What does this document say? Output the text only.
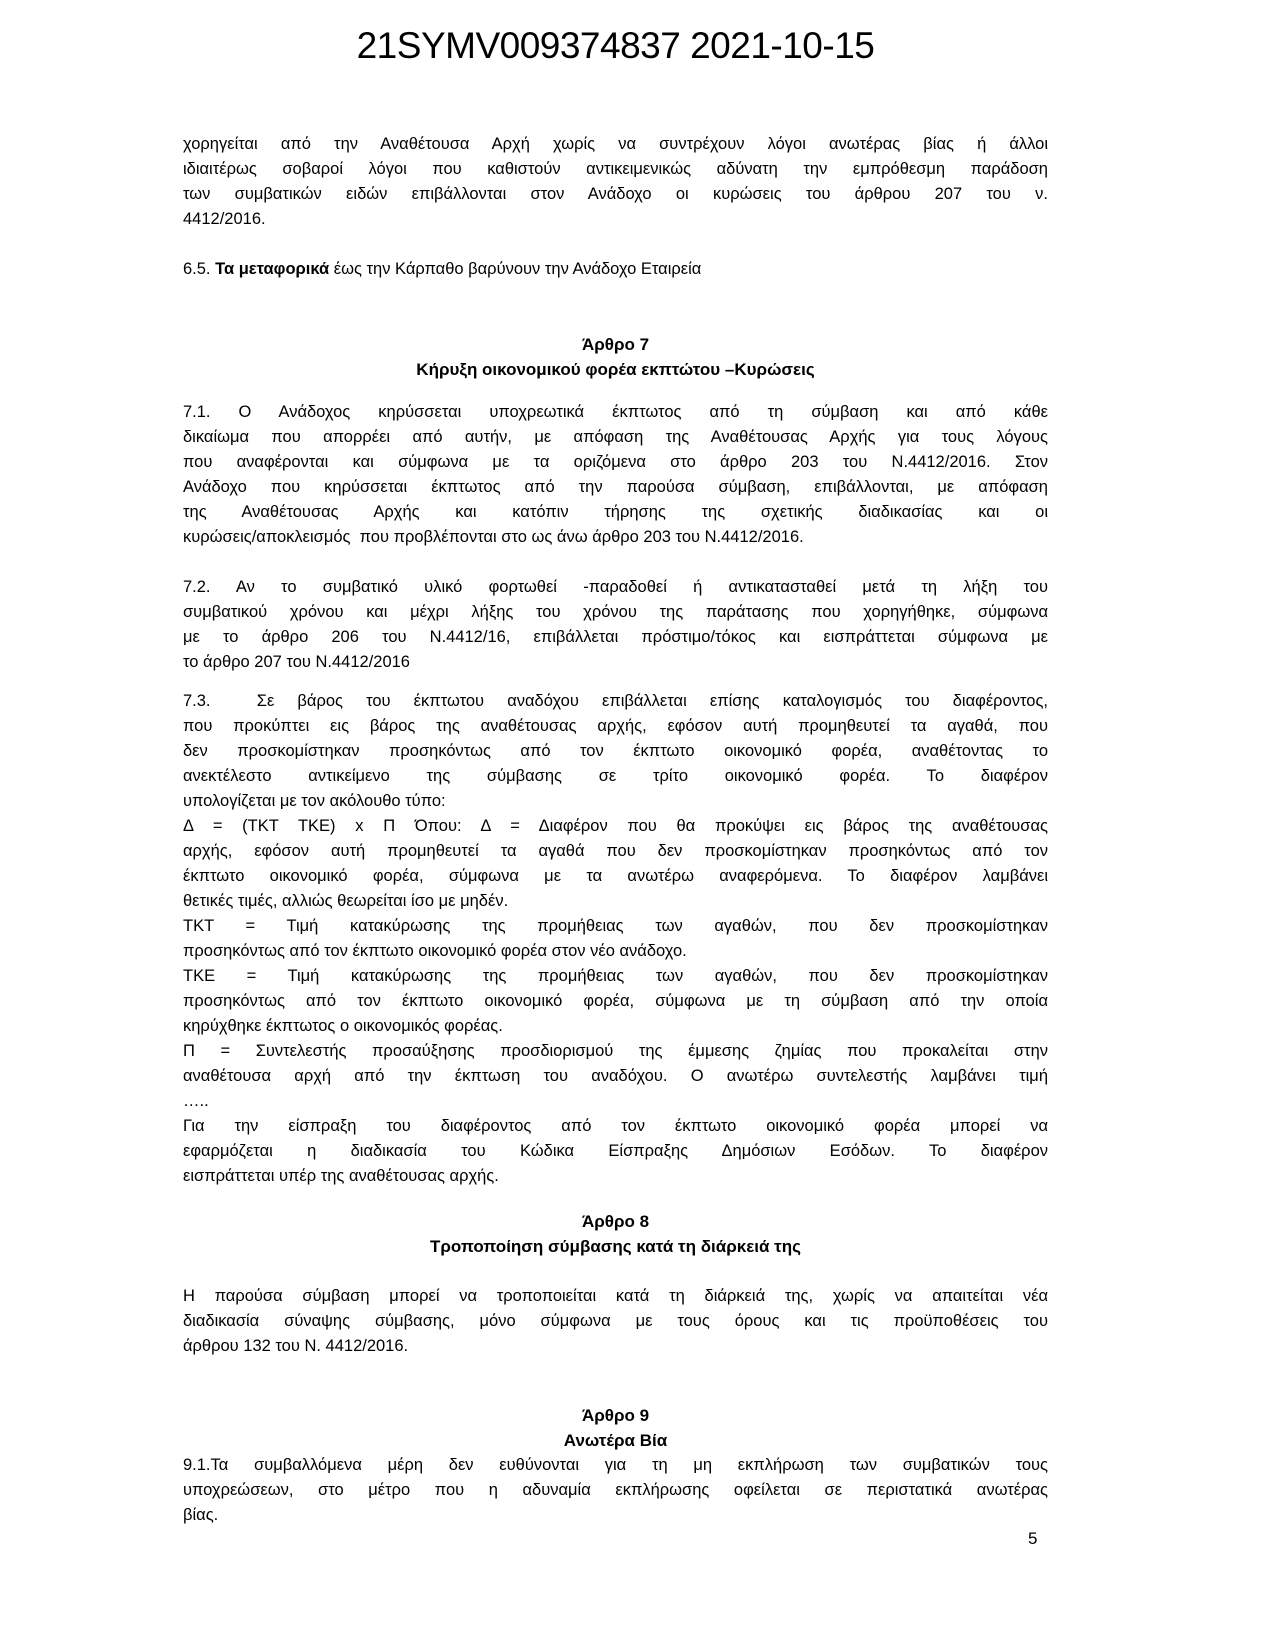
21SYMV009374837 2021-10-15
χορηγείται από την Αναθέτουσα Αρχή χωρίς να συντρέχουν λόγοι ανωτέρας βίας ή άλλοι
ιδιαιτέρως σοβαροί λόγοι που καθιστούν αντικειμενικώς αδύνατη την εμπρόθεσμη παράδοση
των συμβατικών ειδών επιβάλλονται στον Ανάδοχο οι κυρώσεις του άρθρου 207 του ν.
4412/2016.
6.5. Τα μεταφορικά έως την Κάρπαθο βαρύνουν την Ανάδοχο Εταιρεία
Άρθρο 7
Κήρυξη οικονομικού φορέα εκπτώτου –Κυρώσεις
7.1. Ο Ανάδοχος κηρύσσεται υποχρεωτικά έκπτωτος από τη σύμβαση και από κάθε
δικαίωμα που απορρέει από αυτήν, με απόφαση της Αναθέτουσας Αρχής για τους λόγους
που αναφέρονται και σύμφωνα με τα οριζόμενα στο άρθρο 203 του Ν.4412/2016. Στον
Ανάδοχο που κηρύσσεται έκπτωτος από την παρούσα σύμβαση, επιβάλλονται, με απόφαση
της Αναθέτουσας Αρχής και κατόπιν τήρησης της σχετικής διαδικασίας και οι
κυρώσεις/αποκλεισμός  που προβλέπονται στο ως άνω άρθρο 203 του Ν.4412/2016.
7.2. Αν το συμβατικό υλικό φορτωθεί -παραδοθεί ή αντικατασταθεί μετά τη λήξη του
συμβατικού χρόνου και μέχρι λήξης του χρόνου της παράτασης που χορηγήθηκε, σύμφωνα
με το άρθρο 206 του Ν.4412/16, επιβάλλεται πρόστιμο/τόκος και εισπράττεται σύμφωνα με
το άρθρο 207 του Ν.4412/2016
7.3.  Σε βάρος του έκπτωτου αναδόχου επιβάλλεται επίσης καταλογισμός του διαφέροντος,
που προκύπτει εις βάρος της αναθέτουσας αρχής, εφόσον αυτή προμηθευτεί τα αγαθά, που
δεν προσκομίστηκαν προσηκόντως από τον έκπτωτο οικονομικό φορέα, αναθέτοντας το
ανεκτέλεστο αντικείμενο της σύμβασης σε τρίτο οικονομικό φορέα. Το διαφέρον
υπολογίζεται με τον ακόλουθο τύπο:
Δ = (ΤΚΤ ΤΚΕ) x Π Όπου: Δ = Διαφέρον που θα προκύψει εις βάρος της αναθέτουσας
αρχής, εφόσον αυτή προμηθευτεί τα αγαθά που δεν προσκομίστηκαν προσηκόντως από τον
έκπτωτο οικονομικό φορέα, σύμφωνα με τα ανωτέρω αναφερόμενα. Το διαφέρον λαμβάνει
θετικές τιμές, αλλιώς θεωρείται ίσο με μηδέν.
ΤΚΤ = Τιμή κατακύρωσης της προμήθειας των αγαθών, που δεν προσκομίστηκαν
προσηκόντως από τον έκπτωτο οικονομικό φορέα στον νέο ανάδοχο.
ΤΚΕ = Τιμή κατακύρωσης της προμήθειας των αγαθών, που δεν προσκομίστηκαν
προσηκόντως από τον έκπτωτο οικονομικό φορέα, σύμφωνα με τη σύμβαση από την οποία
κηρύχθηκε έκπτωτος ο οικονομικός φορέας.
Π = Συντελεστής προσαύξησης προσδιορισμού της έμμεσης ζημίας που προκαλείται στην
αναθέτουσα αρχή από την έκπτωση του αναδόχου. Ο ανωτέρω συντελεστής λαμβάνει τιμή
…..
Για την είσπραξη του διαφέροντος από τον έκπτωτο οικονομικό φορέα μπορεί να
εφαρμόζεται η διαδικασία του Κώδικα Είσπραξης Δημόσιων Εσόδων. Το διαφέρον
εισπράττεται υπέρ της αναθέτουσας αρχής.
Άρθρο 8
Τροποποίηση σύμβασης κατά τη διάρκειά της
Η παρούσα σύμβαση μπορεί να τροποποιείται κατά τη διάρκειά της, χωρίς να απαιτείται νέα
διαδικασία σύναψης σύμβασης, μόνο σύμφωνα με τους όρους και τις προϋποθέσεις του
άρθρου 132 του Ν. 4412/2016.
Άρθρο 9
Ανωτέρα Βία
9.1.Τα συμβαλλόμενα μέρη δεν ευθύνονται για τη μη εκπλήρωση των συμβατικών τους
υποχρεώσεων, στο μέτρο που η αδυναμία εκπλήρωσης οφείλεται σε περιστατικά ανωτέρας
βίας.
5
